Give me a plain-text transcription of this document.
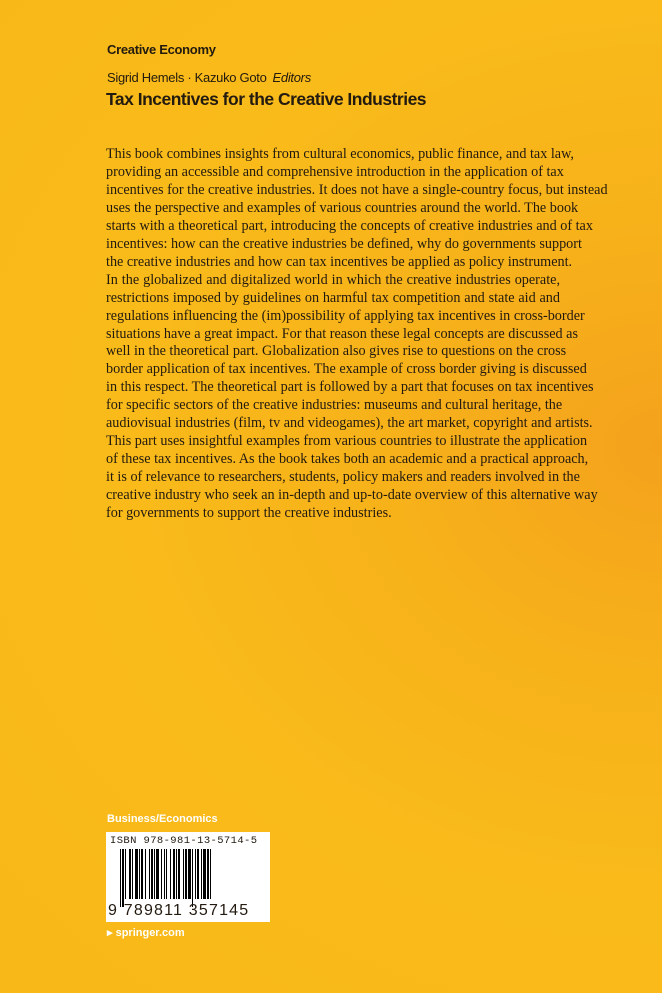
Creative Economy
Sigrid Hemels · Kazuko Goto Editors
Tax Incentives for the Creative Industries
This book combines insights from cultural economics, public finance, and tax law,
providing an accessible and comprehensive introduction in the application of tax
incentives for the creative industries. It does not have a single-country focus, but instead
uses the perspective and examples of various countries around the world. The book
starts with a theoretical part, introducing the concepts of creative industries and of tax
incentives: how can the creative industries be defined, why do governments support
the creative industries and how can tax incentives be applied as policy instrument.
In the globalized and digitalized world in which the creative industries operate,
restrictions imposed by guidelines on harmful tax competition and state aid and
regulations influencing the (im)possibility of applying tax incentives in cross-border
situations have a great impact. For that reason these legal concepts are discussed as
well in the theoretical part. Globalization also gives rise to questions on the cross
border application of tax incentives. The example of cross border giving is discussed
in this respect. The theoretical part is followed by a part that focuses on tax incentives
for specific sectors of the creative industries: museums and cultural heritage, the
audiovisual industries (film, tv and videogames), the art market, copyright and artists.
This part uses insightful examples from various countries to illustrate the application
of these tax incentives. As the book takes both an academic and a practical approach,
it is of relevance to researchers, students, policy makers and readers involved in the
creative industry who seek an in-depth and up-to-date overview of this alternative way
for governments to support the creative industries.
Business/Economics
ISBN 978-981-13-5714-5
9 789811 357145
▸ springer.com
